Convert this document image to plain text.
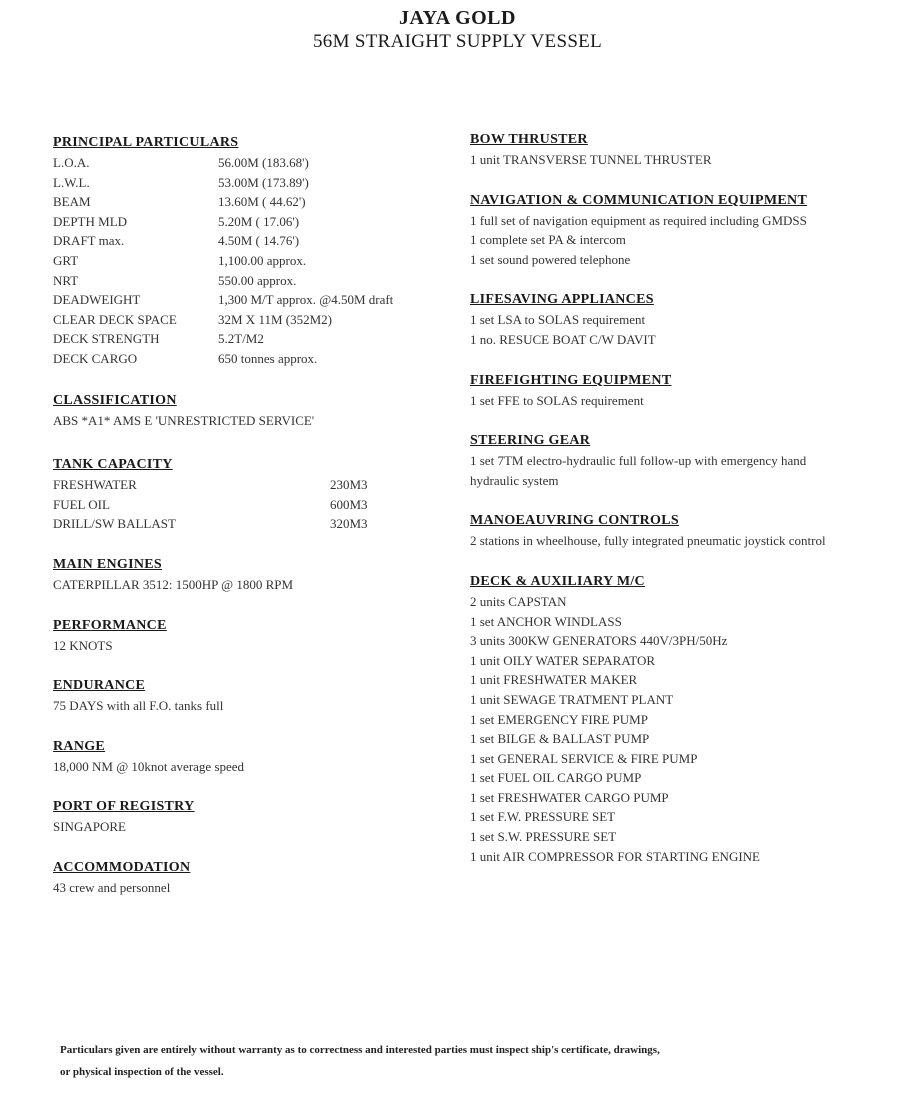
JAYA GOLD
56M STRAIGHT SUPPLY VESSEL
PRINCIPAL PARTICULARS
L.O.A.	56.00M (183.68')
L.W.L.	53.00M (173.89')
BEAM	13.60M ( 44.62')
DEPTH MLD	5.20M ( 17.06')
DRAFT max.	4.50M ( 14.76')
GRT	1,100.00 approx.
NRT	550.00 approx.
DEADWEIGHT	1,300 M/T approx. @4.50M draft
CLEAR DECK SPACE	32M X 11M (352M2)
DECK STRENGTH	5.2T/M2
DECK CARGO	650 tonnes approx.
CLASSIFICATION
ABS *A1* AMS E 'UNRESTRICTED SERVICE'
TANK CAPACITY
FRESHWATER	230M3
FUEL OIL	600M3
DRILL/SW BALLAST	320M3
MAIN ENGINES
CATERPILLAR 3512: 1500HP @ 1800 RPM
PERFORMANCE
12 KNOTS
ENDURANCE
75 DAYS with all F.O. tanks full
RANGE
18,000 NM @ 10knot average speed
PORT OF REGISTRY
SINGAPORE
ACCOMMODATION
43 crew and personnel
BOW THRUSTER
1 unit TRANSVERSE TUNNEL THRUSTER
NAVIGATION & COMMUNICATION EQUIPMENT
1 full set of navigation equipment as required including GMDSS
1 complete set PA & intercom
1 set sound powered telephone
LIFESAVING APPLIANCES
1 set LSA to SOLAS requirement
1 no. RESUCE BOAT C/W DAVIT
FIREFIGHTING EQUIPMENT
1 set FFE to SOLAS requirement
STEERING GEAR
1 set 7TM electro-hydraulic full follow-up with emergency hand
hydraulic system
MANOEAUVRING CONTROLS
2 stations in wheelhouse, fully integrated pneumatic joystick control
DECK & AUXILIARY M/C
2 units CAPSTAN
1 set ANCHOR WINDLASS
3 units 300KW GENERATORS 440V/3PH/50Hz
1 unit OILY WATER SEPARATOR
1 unit FRESHWATER MAKER
1 unit SEWAGE TRATMENT PLANT
1 set EMERGENCY FIRE PUMP
1 set BILGE & BALLAST PUMP
1 set GENERAL SERVICE & FIRE PUMP
1 set FUEL OIL CARGO PUMP
1 set FRESHWATER CARGO PUMP
1 set F.W. PRESSURE SET
1 set S.W. PRESSURE SET
1 unit AIR COMPRESSOR FOR STARTING ENGINE
Particulars given are entirely without warranty as to correctness and interested parties must inspect ship's certificate, drawings,
or physical inspection of the vessel.
